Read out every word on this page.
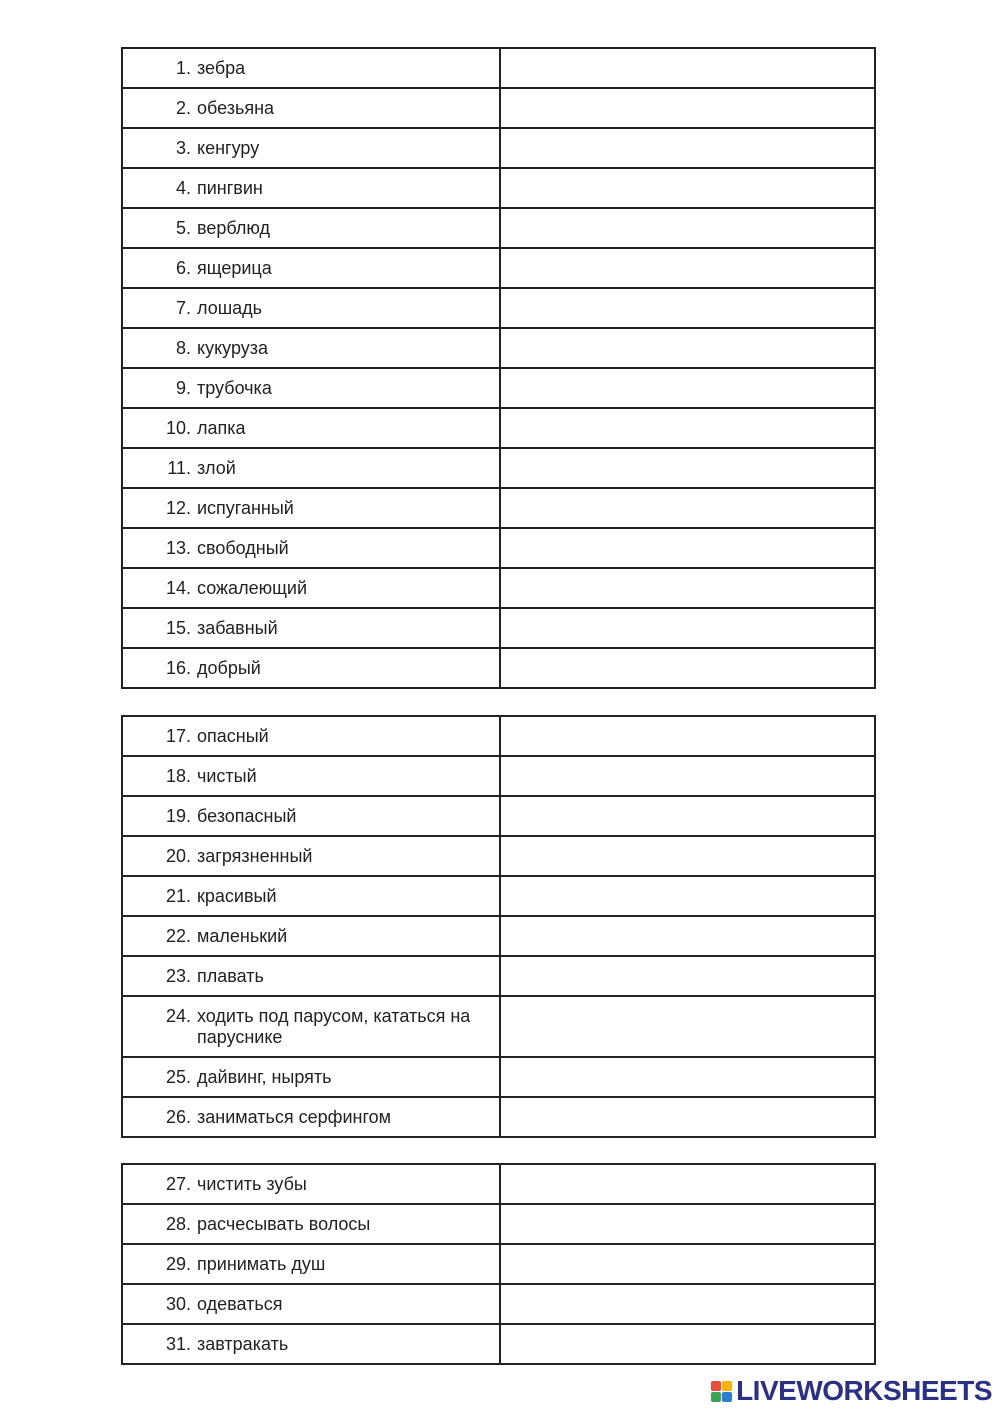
1. зебра	

2. обезьяна	

3. кенгуру	

4. пингвин	

5. верблюд	

6. ящерица	

7. лошадь	

8. кукуруза	

9. трубочка	

10. лапка	

11. злой	

12. испуганный	

13. свободный	

14. сожалеющий	

15. забавный	

16. добрый	

17. опасный	

18. чистый	

19. безопасный	

20. загрязненный	

21. красивый	

22. маленький	

23. плавать	

24. ходить под парусом, кататься на паруснике	

25. дайвинг, нырять	

26. заниматься серфингом	

27. чистить зубы	

28. расчесывать волосы	

29. принимать душ	

30. одеваться	

31. завтракать	

LIVEWORKSHEETS
